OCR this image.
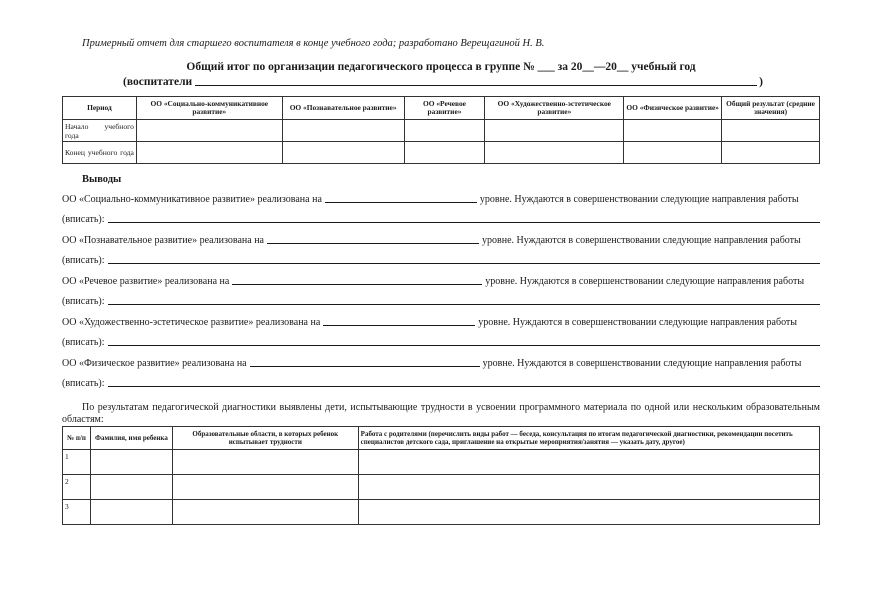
Примерный отчет для старшего воспитателя в конце учебного года; разработано Верещагиной Н. В.
Общий итог по организации педагогического процесса в группе № ___ за 20__—20__ учебный год
(воспитатели	)
Период	ОО «Социально-коммуникативное развитие»	ОО «Познавательное развитие»	ОО «Речевое развитие»	ОО «Художественно-эстетическое развитие»	ОО «Физическое развитие»	Общий результат (средние значения)
Начало учебного года						
Конец учебного года						
Выводы
ОО «Социально-коммуникативное развитие» реализована на	уровне. Нуждаются в совершенствовании следующие направления работы
(вписать):
ОО «Познавательное развитие» реализована на	уровне. Нуждаются в совершенствовании следующие направления работы
(вписать):
ОО «Речевое развитие» реализована на	уровне. Нуждаются в совершенствовании следующие направления работы
(вписать):
ОО «Художественно-эстетическое развитие» реализована на	уровне. Нуждаются в совершенствовании следующие направления работы
(вписать):
ОО «Физическое развитие» реализована на	уровне. Нуждаются в совершенствовании следующие направления работы
(вписать):
По результатам педагогической диагностики выявлены дети, испытывающие трудности в усвоении программного материала по одной или нескольким образовательным областям:
№ п/п	Фамилия, имя ребенка	Образовательные области, в которых ребенок испытывает трудности	Работа с родителями (перечислить виды работ — беседа, консультация по итогам педагогической диагностики, рекомендации посетить специалистов детского сада, приглашение на открытые мероприятия/занятия — указать дату, другое)
1			
2			
3			
